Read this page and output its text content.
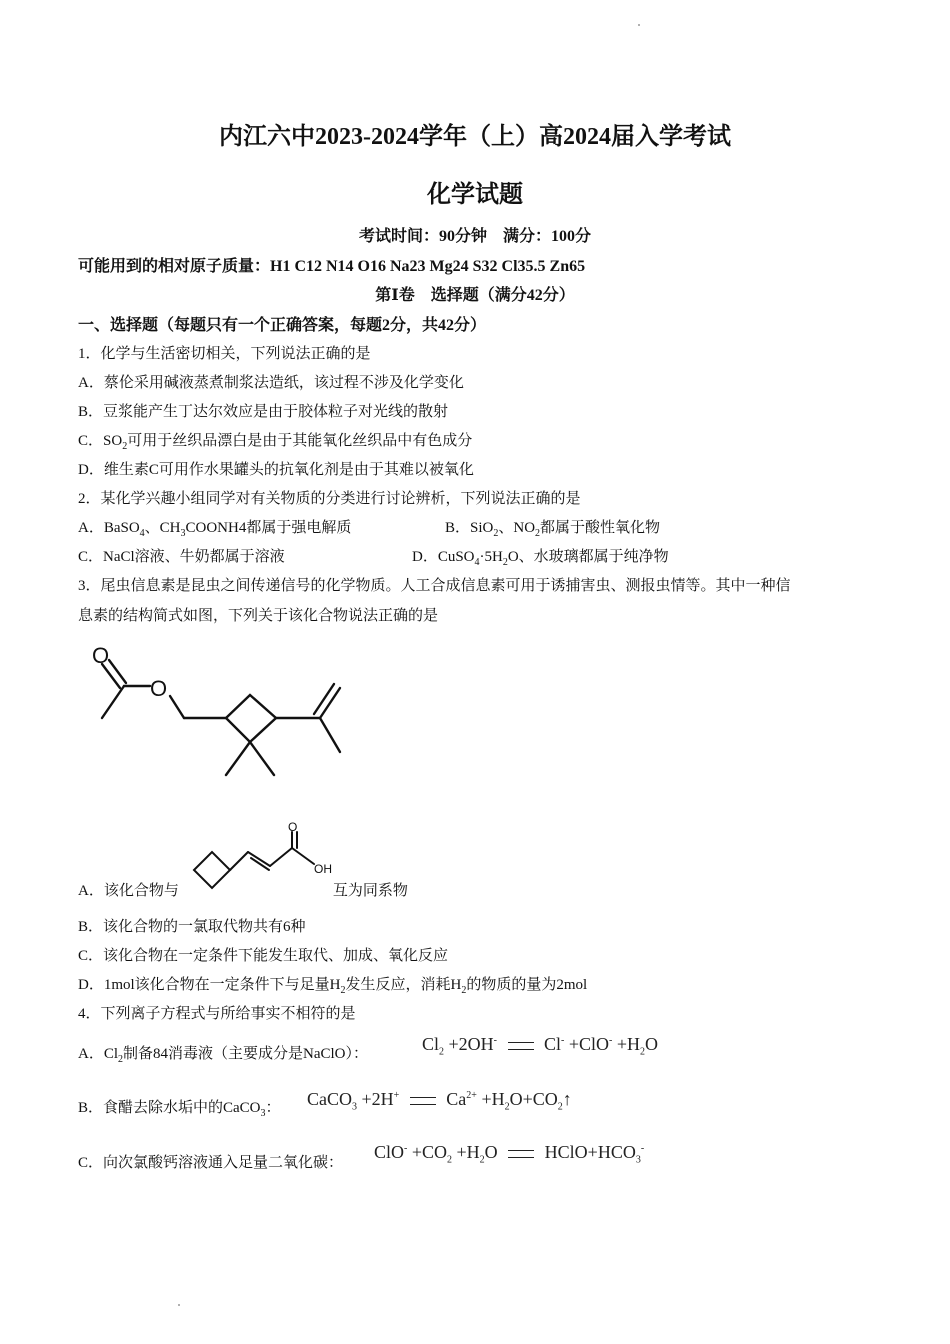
内江六中2023-2024学年（上）高2024届入学考试
化学试题
考试时间：90分钟　满分：100分
可能用到的相对原子质量：H1 C12 N14 O16 Na23 Mg24 S32 Cl35.5 Zn65
第Ⅰ卷　选择题（满分42分）
一、选择题（每题只有一个正确答案，每题2分，共42分）
1．化学与生活密切相关，下列说法正确的是
A．蔡伦采用碱液蒸煮制浆法造纸，该过程不涉及化学变化
B．豆浆能产生丁达尔效应是由于胶体粒子对光线的散射
C．$SO_2$可用于丝织品漂白是由于其能氧化丝织品中有色成分
D．维生素C可用作水果罐头的抗氧化剂是由于其难以被氧化
2．某化学兴趣小组同学对有关物质的分类进行讨论辨析，下列说法正确的是
A．BaSO$_4$、$CH_3COONH4$都属于强电解质	B．SiO$_2$、$NO_2$都属于酸性氧化物
C．NaCl溶液、牛奶都属于溶液	D．$CuSO_4\cdot 5H_2O$、水玻璃都属于纯净物
3．尾虫信息素是昆虫之间传递信号的化学物质。人工合成信息素可用于诱捕害虫、测报虫情等。其中一种信
息素的结构简式如图，下列关于该化合物说法正确的是
O
O
A．该化合物与	互为同系物
O
OH
B．该化合物的一氯取代物共有6种
C．该化合物在一定条件下能发生取代、加成、氧化反应
D．1mol该化合物在一定条件下与足量$H_2$发生反应，消耗$H_2$的物质的量为2mol
4．下列离子方程式与所给事实不相符的是
A．$Cl_2$制备84消毒液（主要成分是NaClO）：	$Cl_2 +2OH^-$	$Cl^- +ClO^- +H_2O$
B．食醋去除水垢中的CaCO$_3$： CaCO$_3$ +2H+	$Ca^{2+}$ $+H_2O+CO_2↑$
C．向次氯酸钙溶液通入足量二氧化碳：
$ClO^- +CO_2 +H_2O$	$HClO+HCO_3^-$
